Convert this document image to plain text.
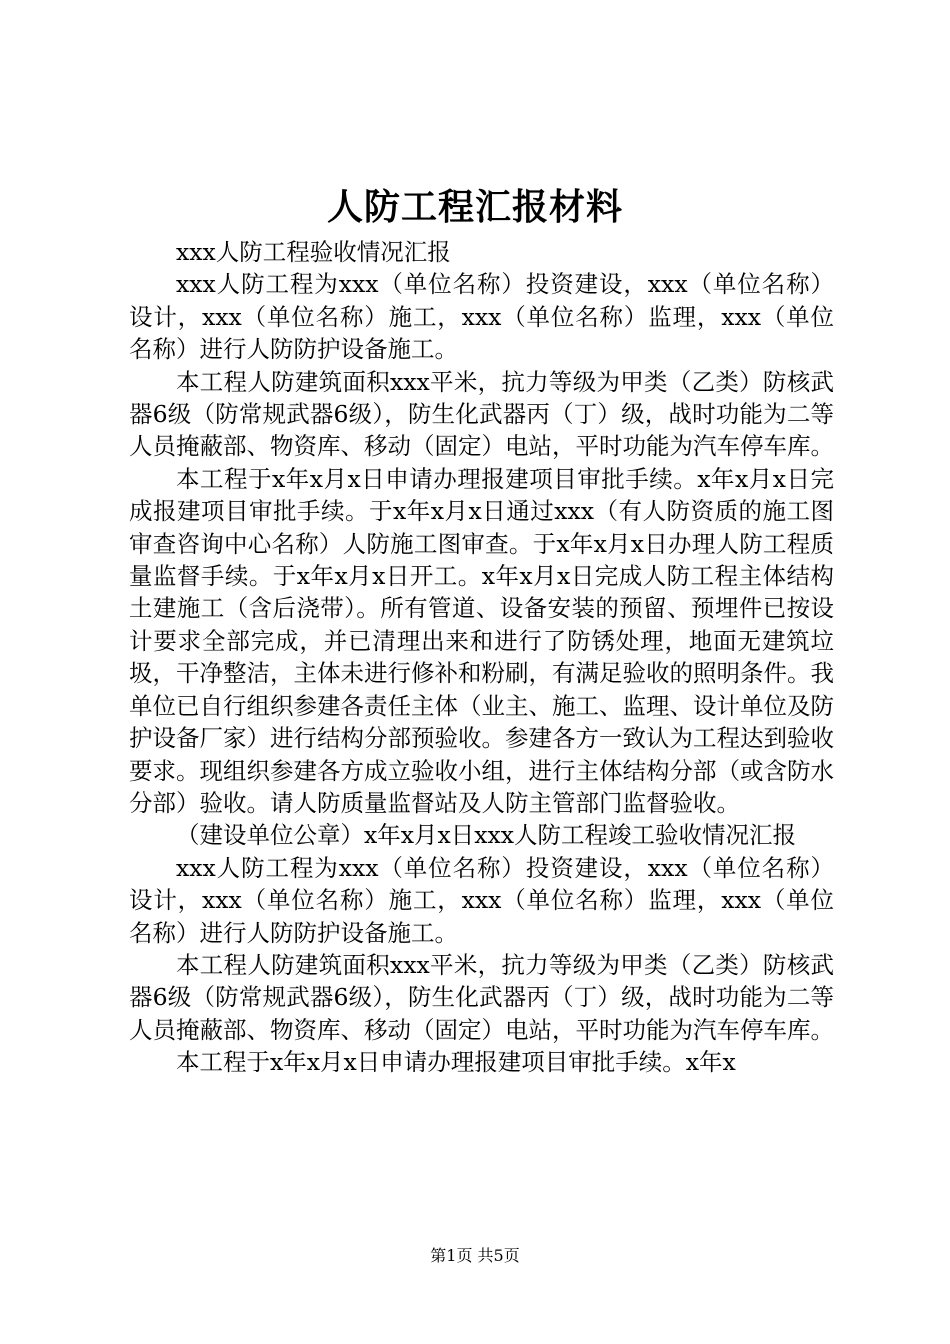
人防工程汇报材料

xxx人防工程验收情况汇报

xxx人防工程为xxx（单位名称）投资建设，xxx（单位名称）设计，xxx（单位名称）施工，xxx（单位名称）监理，xxx（单位名称）进行人防防护设备施工。

本工程人防建筑面积xxx平米，抗力等级为甲类（乙类）防核武器6级（防常规武器6级），防生化武器丙（丁）级，战时功能为二等人员掩蔽部、物资库、移动（固定）电站，平时功能为汽车停车库。

本工程于x年x月x日申请办理报建项目审批手续。x年x月x日完成报建项目审批手续。于x年x月x日通过xxx（有人防资质的施工图审查咨询中心名称）人防施工图审查。于x年x月x日办理人防工程质量监督手续。于x年x月x日开工。x年x月x日完成人防工程主体结构土建施工（含后浇带）。所有管道、设备安装的预留、预埋件已按设计要求全部完成，并已清理出来和进行了防锈处理，地面无建筑垃圾，干净整洁，主体未进行修补和粉刷，有满足验收的照明条件。我单位已自行组织参建各责任主体（业主、施工、监理、设计单位及防护设备厂家）进行结构分部预验收。参建各方一致认为工程达到验收要求。现组织参建各方成立验收小组，进行主体结构分部（或含防水分部）验收。请人防质量监督站及人防主管部门监督验收。

（建设单位公章）x年x月x日xxx人防工程竣工验收情况汇报

xxx人防工程为xxx（单位名称）投资建设，xxx（单位名称）设计，xxx（单位名称）施工，xxx（单位名称）监理，xxx（单位名称）进行人防防护设备施工。

本工程人防建筑面积xxx平米，抗力等级为甲类（乙类）防核武器6级（防常规武器6级），防生化武器丙（丁）级，战时功能为二等人员掩蔽部、物资库、移动（固定）电站，平时功能为汽车停车库。

本工程于x年x月x日申请办理报建项目审批手续。x年x

第1页 共5页
